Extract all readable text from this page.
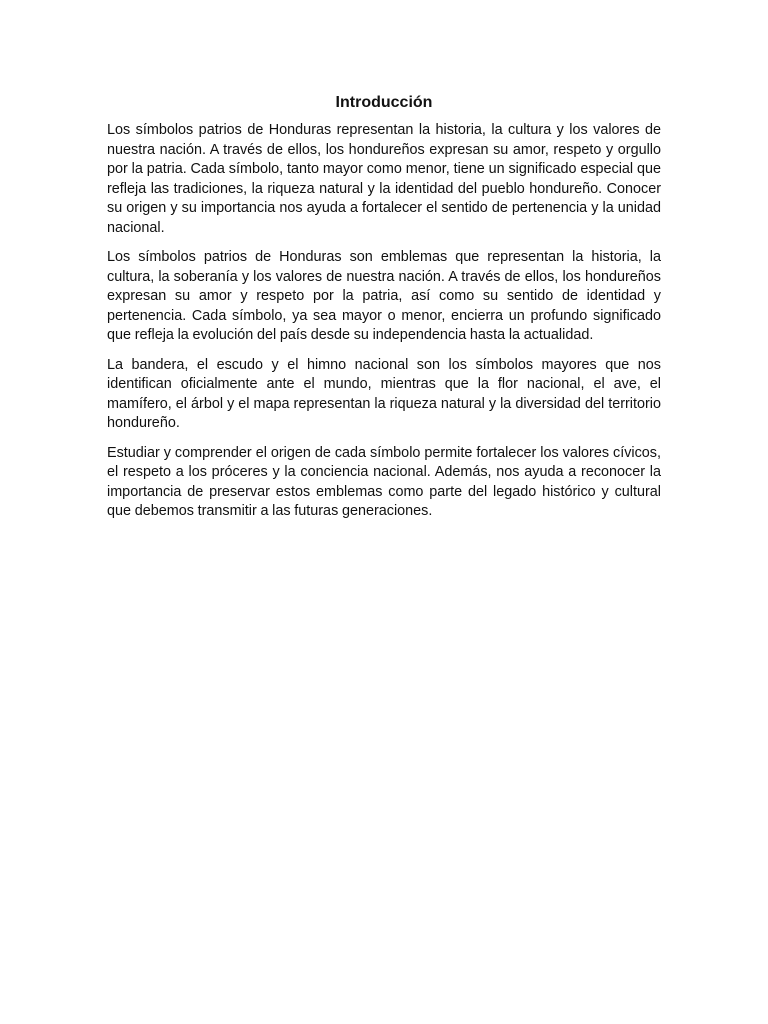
Introducción

Los símbolos patrios de Honduras representan la historia, la cultura y los valores de nuestra nación. A través de ellos, los hondureños expresan su amor, respeto y orgullo por la patria. Cada símbolo, tanto mayor como menor, tiene un significado especial que refleja las tradiciones, la riqueza natural y la identidad del pueblo hondureño. Conocer su origen y su importancia nos ayuda a fortalecer el sentido de pertenencia y la unidad nacional.

Los símbolos patrios de Honduras son emblemas que representan la historia, la cultura, la soberanía y los valores de nuestra nación. A través de ellos, los hondureños expresan su amor y respeto por la patria, así como su sentido de identidad y pertenencia. Cada símbolo, ya sea mayor o menor, encierra un profundo significado que refleja la evolución del país desde su independencia hasta la actualidad.

La bandera, el escudo y el himno nacional son los símbolos mayores que nos identifican oficialmente ante el mundo, mientras que la flor nacional, el ave, el mamífero, el árbol y el mapa representan la riqueza natural y la diversidad del territorio hondureño.

Estudiar y comprender el origen de cada símbolo permite fortalecer los valores cívicos, el respeto a los próceres y la conciencia nacional. Además, nos ayuda a reconocer la importancia de preservar estos emblemas como parte del legado histórico y cultural que debemos transmitir a las futuras generaciones.
